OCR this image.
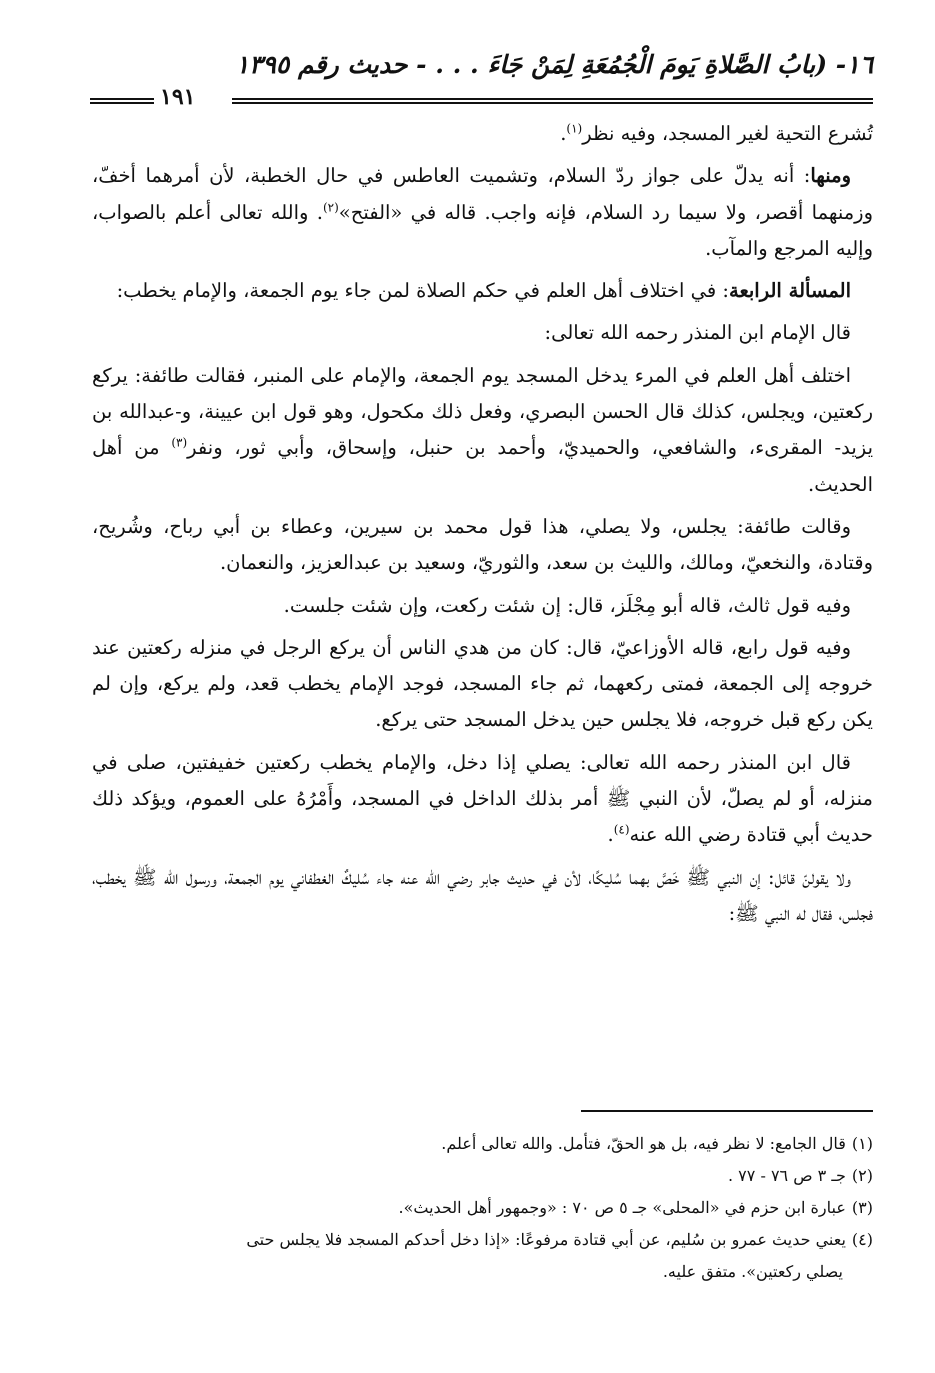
١٦- (بابُ الصَّلاةِ يَومَ الْجُمُعَةِ لِمَنْ جَاءَ . . . - حديث رقم ١٣٩٥
١٩١

تُشرع التحية لغير المسجد، وفيه نظر$^{(١)}$.

ومنها: أنه يدلّ على جواز ردّ السلام، وتشميت العاطس في حال الخطبة، لأن أمرهما أخفّ، وزمنهما أقصر، ولا سيما رد السلام، فإنه واجب. قاله في «الفتح»$^{(٢)}$. والله تعالى أعلم بالصواب، وإليه المرجع والمآب.

المسألة الرابعة: في اختلاف أهل العلم في حكم الصلاة لمن جاء يوم الجمعة، والإمام يخطب:

قال الإمام ابن المنذر رحمه الله تعالى:

اختلف أهل العلم في المرء يدخل المسجد يوم الجمعة، والإمام على المنبر، فقالت طائفة: يركع ركعتين، ويجلس، كذلك قال الحسن البصري، وفعل ذلك مكحول، وهو قول ابن عيينة، و-عبدالله بن يزيد- المقرىء، والشافعي، والحميديّ، وأحمد بن حنبل، وإسحاق، وأبي ثور، ونفر$^{(٣)}$ من أهل الحديث.

وقالت طائفة: يجلس، ولا يصلي، هذا قول محمد بن سيرين، وعطاء بن أبي رباح، وشُريح، وقتادة، والنخعيّ، ومالك، والليث بن سعد، والثوريّ، وسعيد بن عبدالعزيز، والنعمان.

وفيه قول ثالث، قاله أبو مِجْلَز، قال: إن شئت ركعت، وإن شئت جلست.

وفيه قول رابع، قاله الأوزاعيّ، قال: كان من هدي الناس أن يركع الرجل في منزله ركعتين عند خروجه إلى الجمعة، فمتى ركعهما، ثم جاء المسجد، فوجد الإمام يخطب قعد، ولم يركع، وإن لم يكن ركع قبل خروجه، فلا يجلس حين يدخل المسجد حتى يركع.

قال ابن المنذر رحمه الله تعالى: يصلي إذا دخل، والإمام يخطب ركعتين خفيفتين، صلى في منزله، أو لم يصلّ، لأن النبي ﷺ أمر بذلك الداخل في المسجد، وأَمْرُهُ على العموم، ويؤكد ذلك حديث أبي قتادة رضي الله عنه$^{(٤)}$.

ولا يقولنّ قائل: إن النبي ﷺ خَصَّ بهما سُليكًا، لأن في حديث جابر رضي الله عنه جاء سُليكٌ الغطفاني يوم الجمعة، ورسول الله ﷺ يخطب، فجلس، فقال له النبي ﷺ:

(١)قال الجامع: لا نظر فيه، بل هو الحقّ، فتأمل. والله تعالى أعلم.

(٢)جـ ٣ ص ٧٦ - ٧٧ .

(٣)عبارة ابن حزم في «المحلى» جـ ٥ ص ٧٠ : «وجمهور أهل الحديث».

(٤)يعني حديث عمرو بن سُليم، عن أبي قتادة مرفوعًا: «إذا دخل أحدكم المسجد فلا يجلس حتى

يصلي ركعتين». متفق عليه.
